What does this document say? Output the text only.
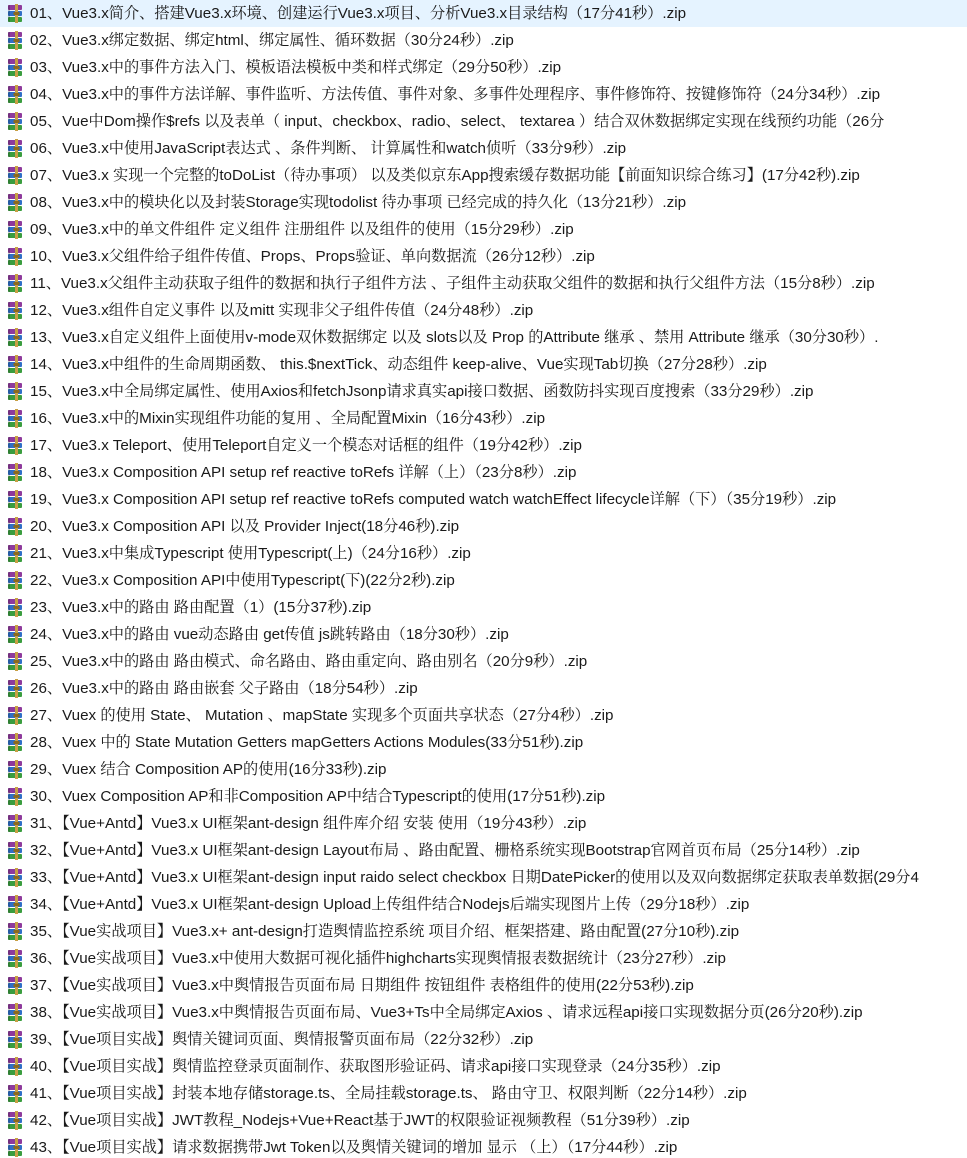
01、Vue3.x简介、搭建Vue3.x环境、创建运行Vue3.x项目、分析Vue3.x目录结构（17分41秒）.zip
02、Vue3.x绑定数据、绑定html、绑定属性、循环数据（30分24秒）.zip
03、Vue3.x中的事件方法入门、模板语法模板中类和样式绑定（29分50秒）.zip
04、Vue3.x中的事件方法详解、事件监听、方法传值、事件对象、多事件处理程序、事件修饰符、按键修饰符（24分34秒）.zip
05、Vue中Dom操作$refs 以及表单（ input、checkbox、radio、select、 textarea ）结合双休数据绑定实现在线预约功能（26分
06、Vue3.x中使用JavaScript表达式 、条件判断、 计算属性和watch侦听（33分9秒）.zip
07、Vue3.x 实现一个完整的toDoList（待办事项） 以及类似京东App搜索缓存数据功能【前面知识综合练习】(17分42秒).zip
08、Vue3.x中的模块化以及封装Storage实现todolist 待办事项 已经完成的持久化（13分21秒）.zip
09、Vue3.x中的单文件组件 定义组件 注册组件 以及组件的使用（15分29秒）.zip
10、Vue3.x父组件给子组件传值、Props、Props验证、单向数据流（26分12秒）.zip
11、Vue3.x父组件主动获取子组件的数据和执行子组件方法 、子组件主动获取父组件的数据和执行父组件方法（15分8秒）.zip
12、Vue3.x组件自定义事件 以及mitt 实现非父子组件传值（24分48秒）.zip
13、Vue3.x自定义组件上面使用v-mode双休数据绑定 以及 slots以及 Prop 的Attribute 继承 、禁用 Attribute 继承（30分30秒）.
14、Vue3.x中组件的生命周期函数、 this.$nextTick、动态组件 keep-alive、Vue实现Tab切换（27分28秒）.zip
15、Vue3.x中全局绑定属性、使用Axios和fetchJsonp请求真实api接口数据、函数防抖实现百度搜索（33分29秒）.zip
16、Vue3.x中的Mixin实现组件功能的复用 、全局配置Mixin（16分43秒）.zip
17、Vue3.x Teleport、使用Teleport自定义一个模态对话框的组件（19分42秒）.zip
18、Vue3.x Composition API setup ref reactive toRefs 详解（上）（23分8秒）.zip
19、Vue3.x Composition API setup ref reactive toRefs computed watch watchEffect lifecycle详解（下）（35分19秒）.zip
20、Vue3.x Composition API 以及 Provider Inject(18分46秒).zip
21、Vue3.x中集成Typescript 使用Typescript(上)（24分16秒）.zip
22、Vue3.x Composition API中使用Typescript(下)(22分2秒).zip
23、Vue3.x中的路由 路由配置（1）(15分37秒).zip
24、Vue3.x中的路由 vue动态路由 get传值 js跳转路由（18分30秒）.zip
25、Vue3.x中的路由 路由模式、命名路由、路由重定向、路由别名（20分9秒）.zip
26、Vue3.x中的路由 路由嵌套 父子路由（18分54秒）.zip
27、Vuex 的使用 State、 Mutation 、mapState 实现多个页面共享状态（27分4秒）.zip
28、Vuex 中的 State Mutation Getters mapGetters Actions Modules(33分51秒).zip
29、Vuex 结合 Composition AP的使用(16分33秒).zip
30、Vuex Composition AP和非Composition AP中结合Typescript的使用(17分51秒).zip
31、【Vue+Antd】Vue3.x UI框架ant-design 组件库介绍 安装 使用（19分43秒）.zip
32、【Vue+Antd】Vue3.x UI框架ant-design Layout布局 、路由配置、栅格系统实现Bootstrap官网首页布局（25分14秒）.zip
33、【Vue+Antd】Vue3.x UI框架ant-design input raido select checkbox 日期DatePicker的使用以及双向数据绑定获取表单数据(29分4
34、【Vue+Antd】Vue3.x UI框架ant-design Upload上传组件结合Nodejs后端实现图片上传（29分18秒）.zip
35、【Vue实战项目】Vue3.x+ ant-design打造舆情监控系统 项目介绍、框架搭建、路由配置(27分10秒).zip
36、【Vue实战项目】Vue3.x中使用大数据可视化插件highcharts实现舆情报表数据统计（23分27秒）.zip
37、【Vue实战项目】Vue3.x中舆情报告页面布局 日期组件 按钮组件 表格组件的使用(22分53秒).zip
38、【Vue实战项目】Vue3.x中舆情报告页面布局、Vue3+Ts中全局绑定Axios 、请求远程api接口实现数据分页(26分20秒).zip
39、【Vue项目实战】舆情关键词页面、舆情报警页面布局（22分32秒）.zip
40、【Vue项目实战】舆情监控登录页面制作、获取图形验证码、请求api接口实现登录（24分35秒）.zip
41、【Vue项目实战】封装本地存储storage.ts、全局挂载storage.ts、 路由守卫、权限判断（22分14秒）.zip
42、【Vue项目实战】JWT教程_Nodejs+Vue+React基于JWT的权限验证视频教程（51分39秒）.zip
43、【Vue项目实战】请求数据携带Jwt Token以及舆情关键词的增加 显示 （上）（17分44秒）.zip
